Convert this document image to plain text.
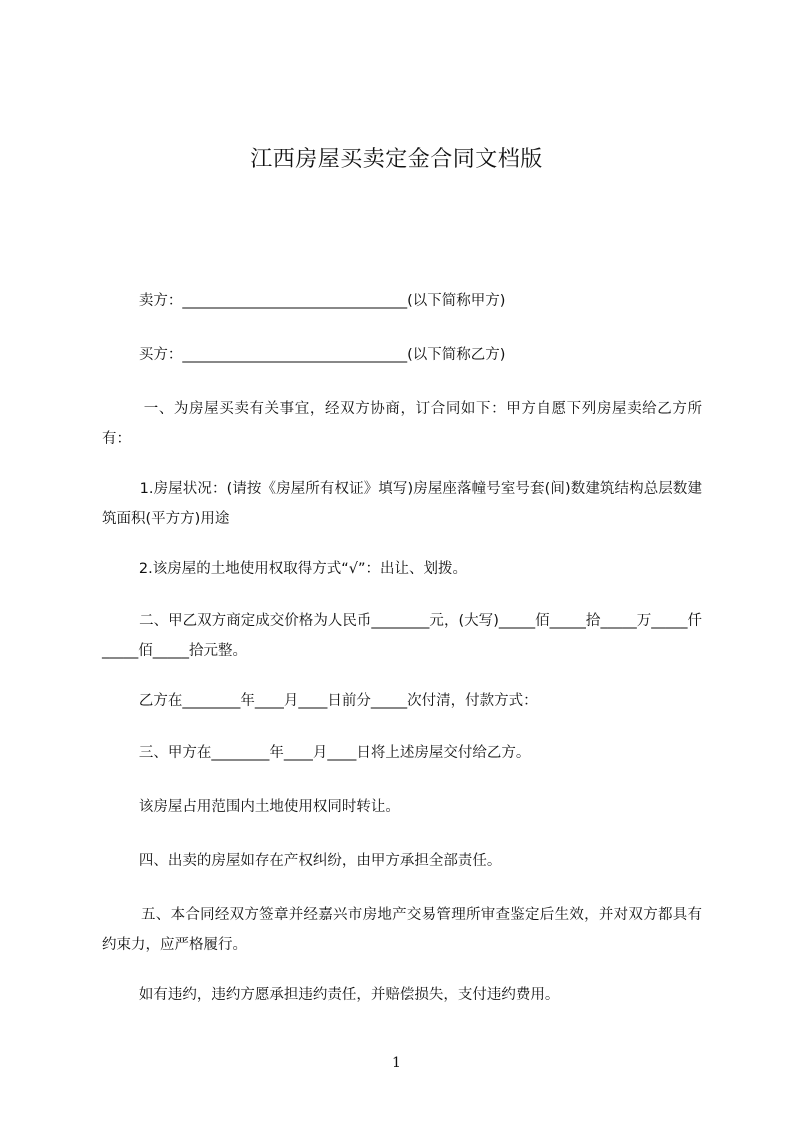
江西房屋买卖定金合同文档版

卖方：_______________________________(以下简称甲方)

买方：_______________________________(以下简称乙方)

一、为房屋买卖有关事宜，经双方协商，订合同如下：甲方自愿下列房屋卖给乙方所有：

1.房屋状况：(请按《房屋所有权证》填写)房屋座落幢号室号套(间)数建筑结构总层数建筑面积(平方方)用途

2.该房屋的土地使用权取得方式“√”：出让、划拨。

二、甲乙双方商定成交价格为人民币________元，(大写)_____佰_____拾_____万_____仟_____佰_____拾元整。

乙方在________年____月____日前分_____次付清，付款方式：

三、甲方在________年____月____日将上述房屋交付给乙方。

该房屋占用范围内土地使用权同时转让。

四、出卖的房屋如存在产权纠纷，由甲方承担全部责任。

五、本合同经双方签章并经嘉兴市房地产交易管理所审查鉴定后生效，并对双方都具有约束力，应严格履行。

如有违约，违约方愿承担违约责任，并赔偿损失，支付违约费用。

1
